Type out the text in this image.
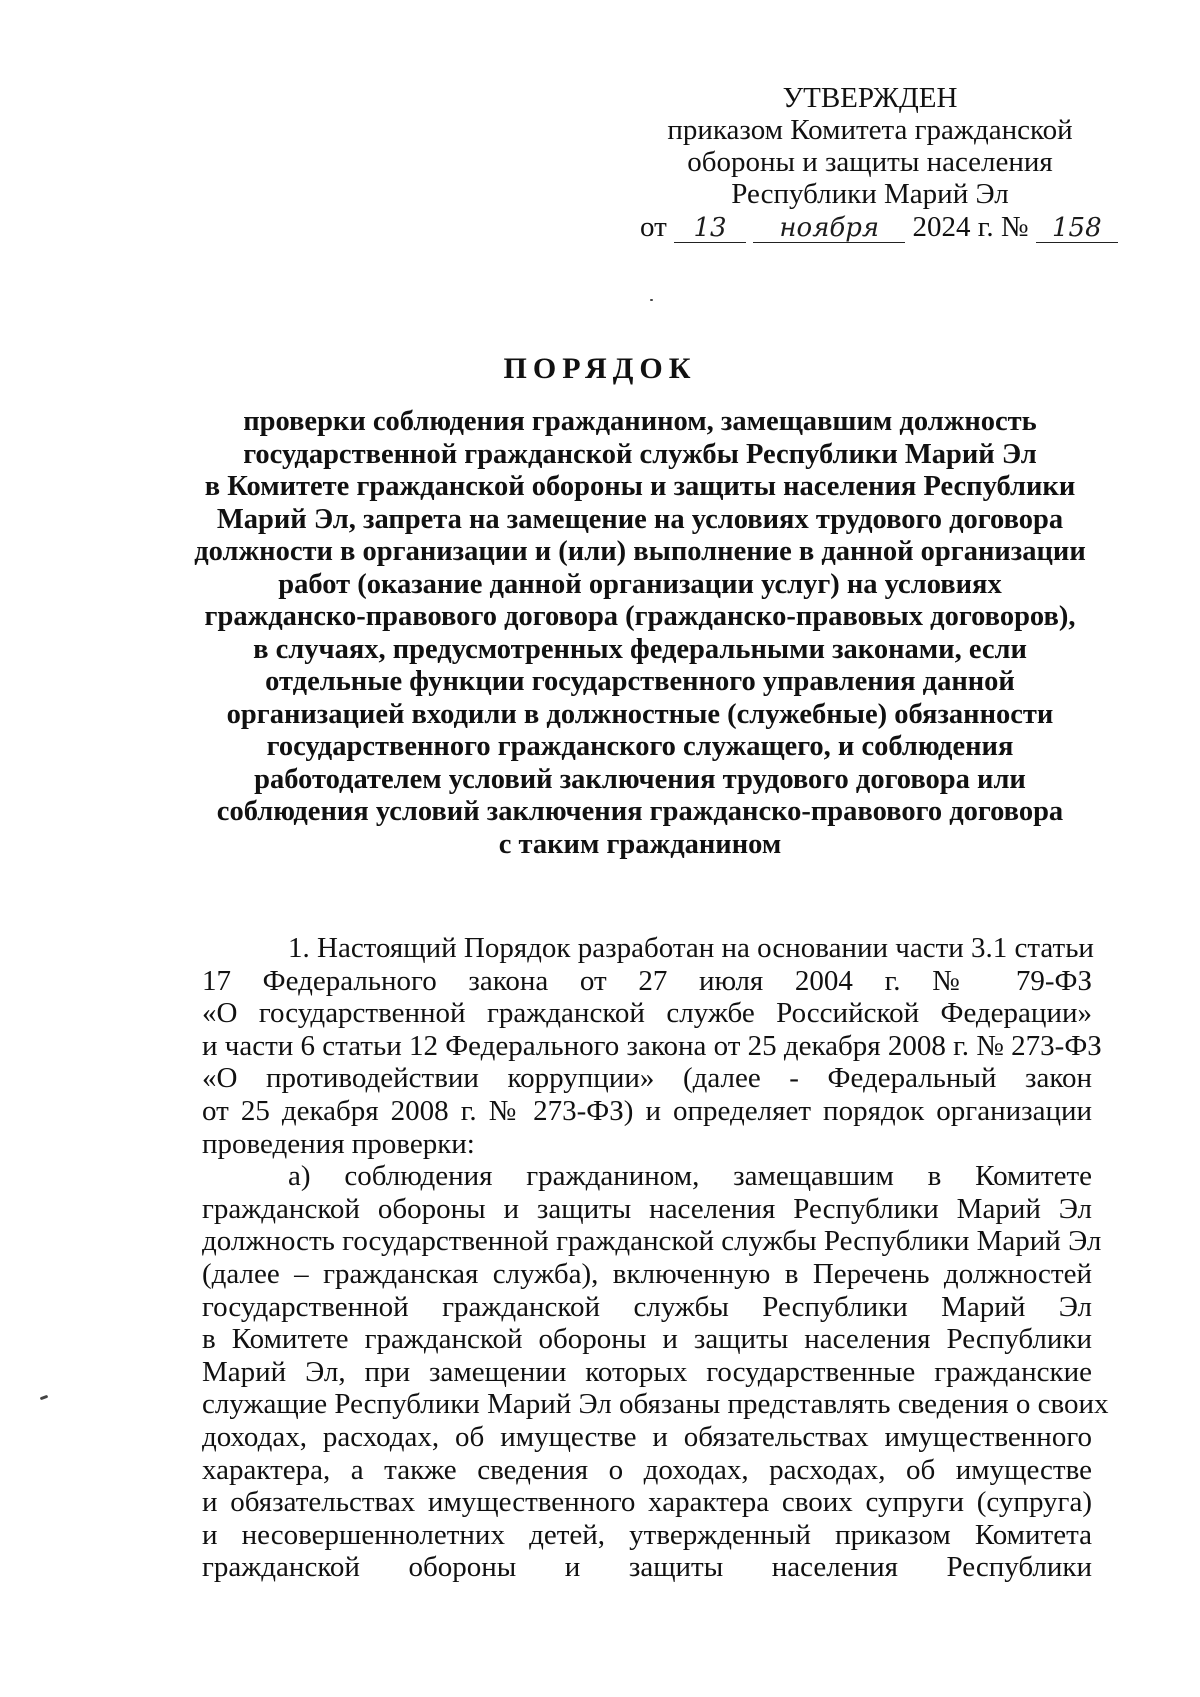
УТВЕРЖДЕН
приказом Комитета гражданской
обороны и защиты населения
Республики Марий Эл
от 13 ноября 2024 г. № 158
ПОРЯДОК
проверки соблюдения гражданином, замещавшим должность
государственной гражданской службы Республики Марий Эл
в Комитете гражданской обороны и защиты населения Республики
Марий Эл, запрета на замещение на условиях трудового договора
должности в организации и (или) выполнение в данной организации
работ (оказание данной организации услуг) на условиях
гражданско-правового договора (гражданско-правовых договоров),
в случаях, предусмотренных федеральными законами, если
отдельные функции государственного управления данной
организацией входили в должностные (служебные) обязанности
государственного гражданского служащего, и соблюдения
работодателем условий заключения трудового договора или
соблюдения условий заключения гражданско-правового договора
с таким гражданином
1. Настоящий Порядок разработан на основании части 3.1 статьи
17 Федерального закона от 27 июля 2004 г. № 79-ФЗ
«О государственной гражданской службе Российской Федерации»
и части 6 статьи 12 Федерального закона от 25 декабря 2008 г. № 273-ФЗ
«О противодействии коррупции» (далее - Федеральный закон
от 25 декабря 2008 г. № 273-ФЗ) и определяет порядок организации
проведения проверки:
а) соблюдения гражданином, замещавшим в Комитете
гражданской обороны и защиты населения Республики Марий Эл
должность государственной гражданской службы Республики Марий Эл
(далее – гражданская служба), включенную в Перечень должностей
государственной гражданской службы Республики Марий Эл
в Комитете гражданской обороны и защиты населения Республики
Марий Эл, при замещении которых государственные гражданские
служащие Республики Марий Эл обязаны представлять сведения о своих
доходах, расходах, об имуществе и обязательствах имущественного
характера, а также сведения о доходах, расходах, об имуществе
и обязательствах имущественного характера своих супруги (супруга)
и несовершеннолетних детей, утвержденный приказом Комитета
гражданской обороны и защиты населения Республики
